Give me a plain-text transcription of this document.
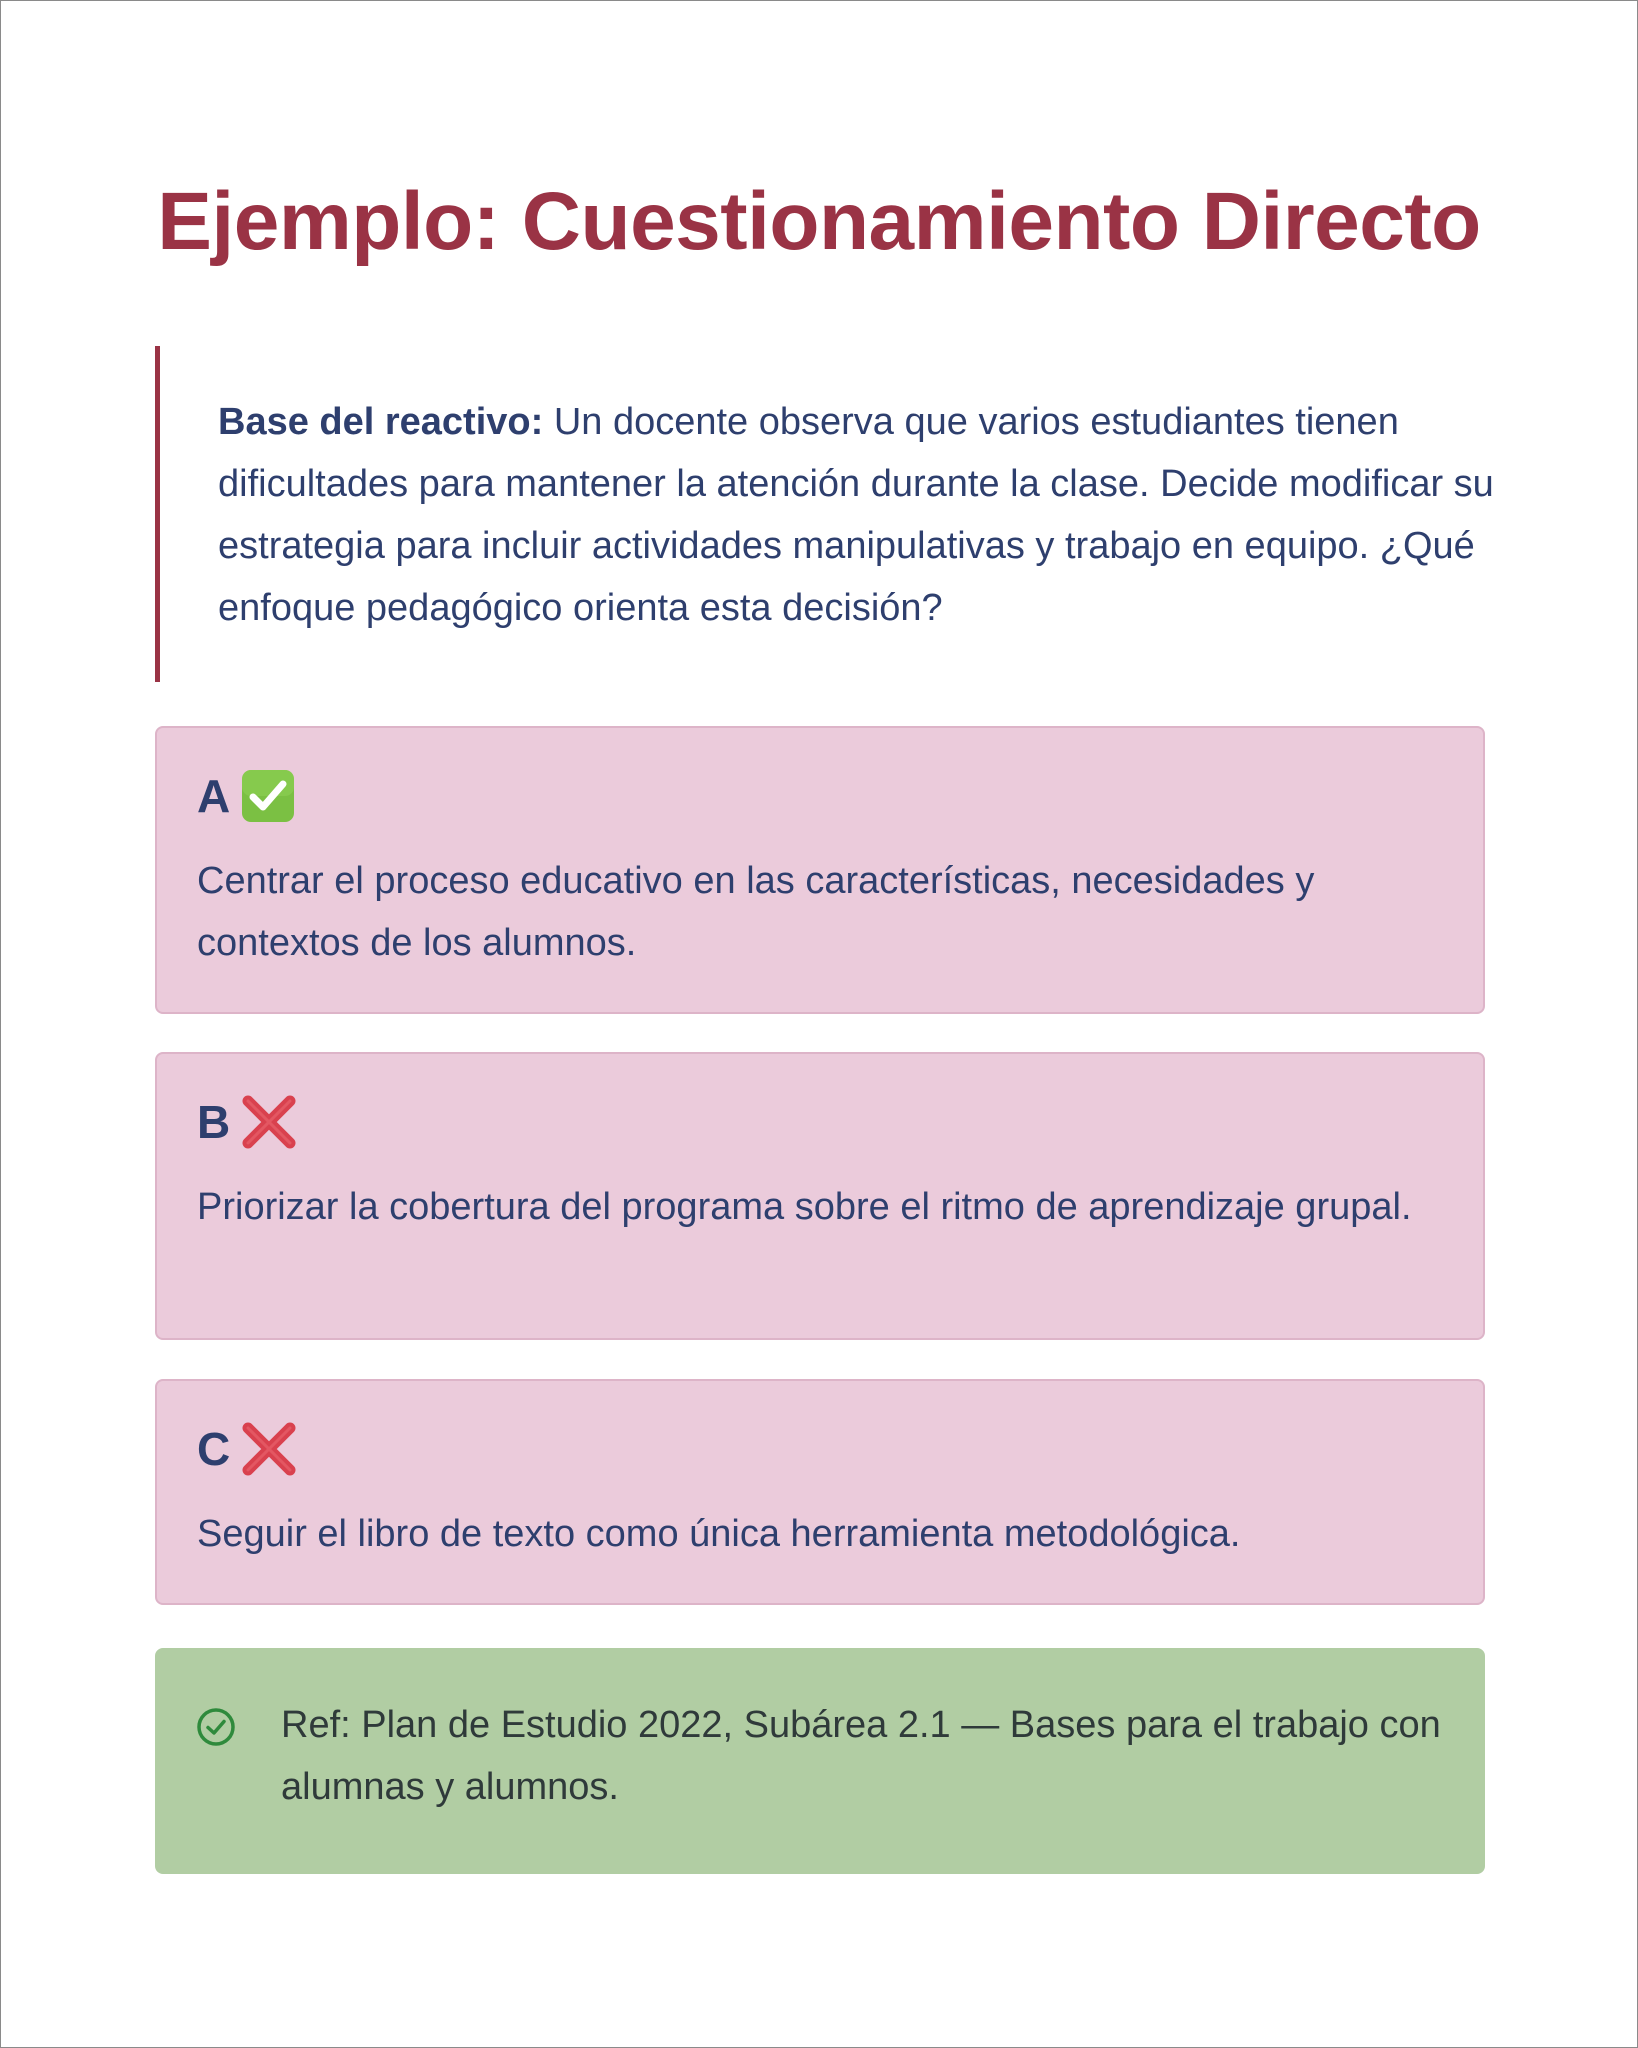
Ejemplo: Cuestionamiento Directo
Base del reactivo: Un docente observa que varios estudiantes tienen dificultades para mantener la atención durante la clase. Decide modificar su estrategia para incluir actividades manipulativas y trabajo en equipo. ¿Qué enfoque pedagógico orienta esta decisión?
A
Centrar el proceso educativo en las características, necesidades y contextos de los alumnos.
B
Priorizar la cobertura del programa sobre el ritmo de aprendizaje grupal.
C
Seguir el libro de texto como única herramienta metodológica.
Ref: Plan de Estudio 2022, Subárea 2.1 — Bases para el trabajo con alumnas y alumnos.
